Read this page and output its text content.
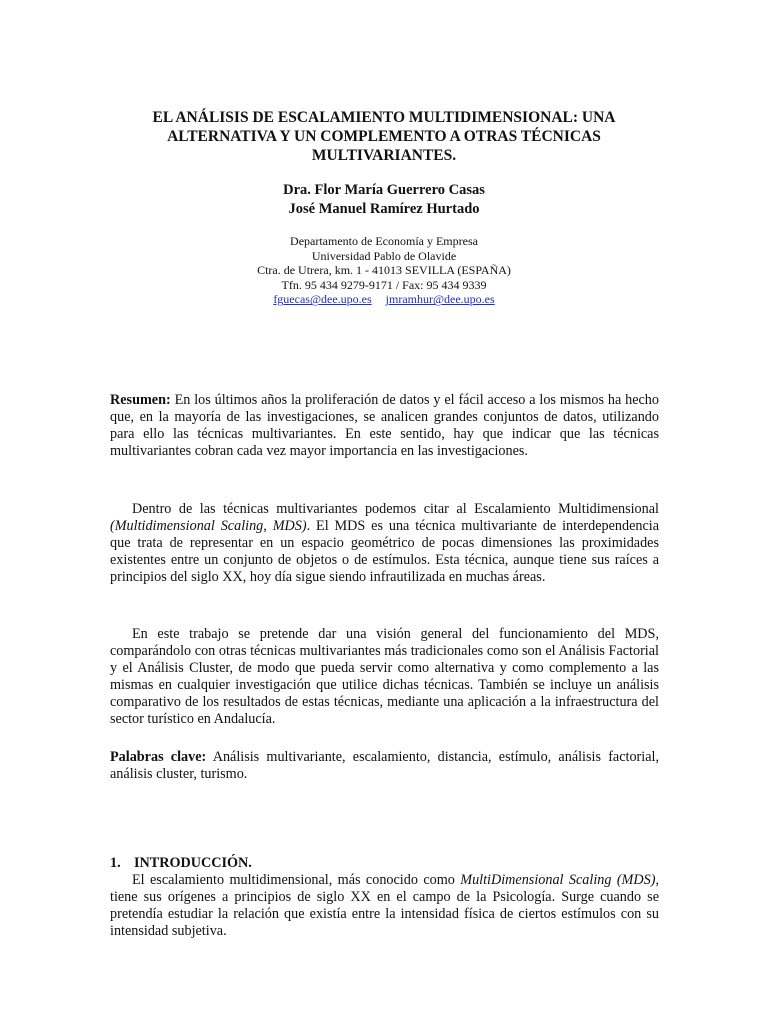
EL ANÁLISIS DE ESCALAMIENTO MULTIDIMENSIONAL: UNA
ALTERNATIVA Y UN COMPLEMENTO A OTRAS TÉCNICAS
MULTIVARIANTES.
Dra. Flor María Guerrero Casas
José Manuel Ramírez Hurtado
Departamento de Economía y Empresa
Universidad Pablo de Olavide
Ctra. de Utrera, km. 1 - 41013 SEVILLA (ESPAÑA)
Tfn. 95 434 9279-9171 / Fax: 95 434 9339
fguecas@dee.upo.es jmramhur@dee.upo.es

Resumen: En los últimos años la proliferación de datos y el fácil acceso a los mismos ha hecho que, en la mayoría de las investigaciones, se analicen grandes conjuntos de datos, utilizando para ello las técnicas multivariantes. En este sentido, hay que indicar que las técnicas multivariantes cobran cada vez mayor importancia en las investigaciones.

Dentro de las técnicas multivariantes podemos citar al Escalamiento Multidimensional (Multidimensional Scaling, MDS). El MDS es una técnica multivariante de interdependencia que trata de representar en un espacio geométrico de pocas dimensiones las proximidades existentes entre un conjunto de objetos o de estímulos. Esta técnica, aunque tiene sus raíces a principios del siglo XX, hoy día sigue siendo infrautilizada en muchas áreas.

En este trabajo se pretende dar una visión general del funcionamiento del MDS, comparándolo con otras técnicas multivariantes más tradicionales como son el Análisis Factorial y el Análisis Cluster, de modo que pueda servir como alternativa y como complemento a las mismas en cualquier investigación que utilice dichas técnicas. También se incluye un análisis comparativo de los resultados de estas técnicas, mediante una aplicación a la infraestructura del sector turístico en Andalucía.

Palabras clave: Análisis multivariante, escalamiento, distancia, estímulo, análisis factorial, análisis cluster, turismo.

1. INTRODUCCIÓN.

El escalamiento multidimensional, más conocido como MultiDimensional Scaling (MDS), tiene sus orígenes a principios de siglo XX en el campo de la Psicología. Surge cuando se pretendía estudiar la relación que existía entre la intensidad física de ciertos estímulos con su intensidad subjetiva.
